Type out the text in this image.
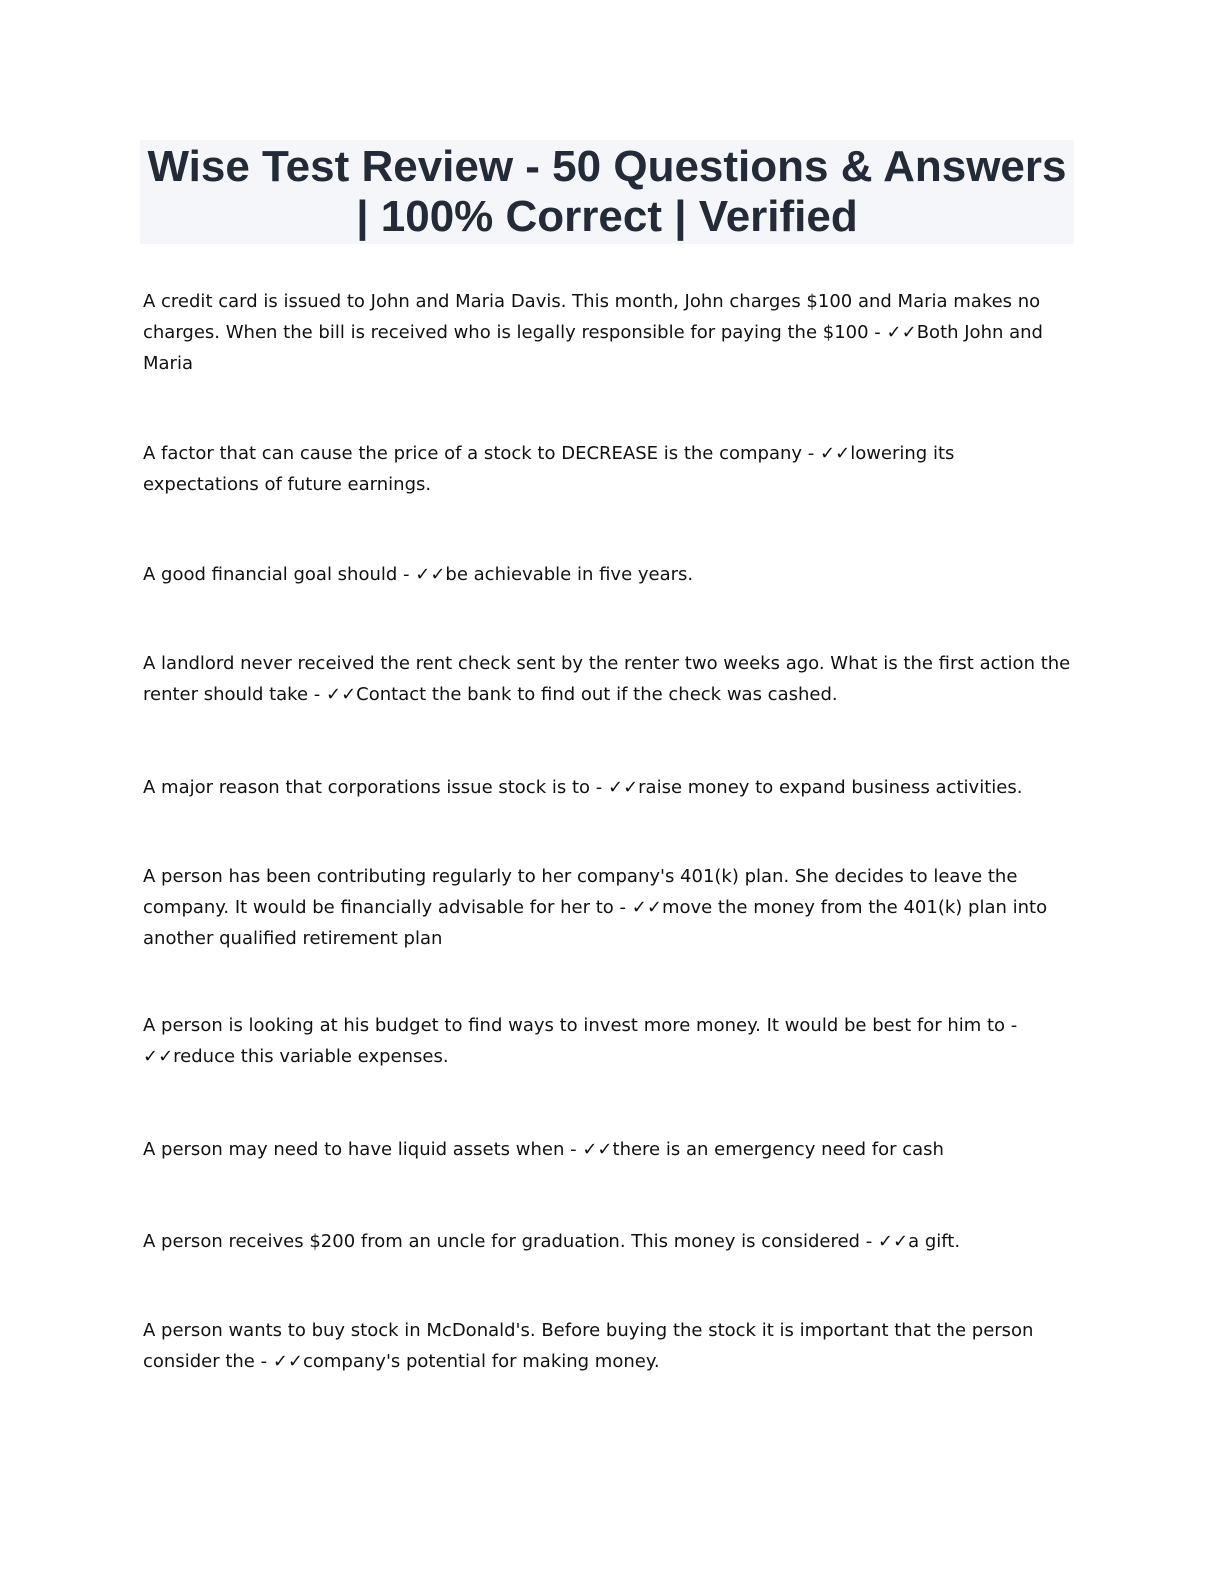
Wise Test Review - 50 Questions & Answers | 100% Correct | Verified

A credit card is issued to John and Maria Davis. This month, John charges $100 and Maria makes no charges. When the bill is received who is legally responsible for paying the $100 - ✓✓Both John and Maria

A factor that can cause the price of a stock to DECREASE is the company - ✓✓lowering its expectations of future earnings.

A good financial goal should - ✓✓be achievable in five years.

A landlord never received the rent check sent by the renter two weeks ago. What is the first action the renter should take - ✓✓Contact the bank to find out if the check was cashed.

A major reason that corporations issue stock is to - ✓✓raise money to expand business activities.

A person has been contributing regularly to her company's 401(k) plan. She decides to leave the company. It would be financially advisable for her to - ✓✓move the money from the 401(k) plan into another qualified retirement plan

A person is looking at his budget to find ways to invest more money. It would be best for him to - ✓✓reduce this variable expenses.

A person may need to have liquid assets when - ✓✓there is an emergency need for cash

A person receives $200 from an uncle for graduation. This money is considered - ✓✓a gift.

A person wants to buy stock in McDonald's. Before buying the stock it is important that the person consider the - ✓✓company's potential for making money.
